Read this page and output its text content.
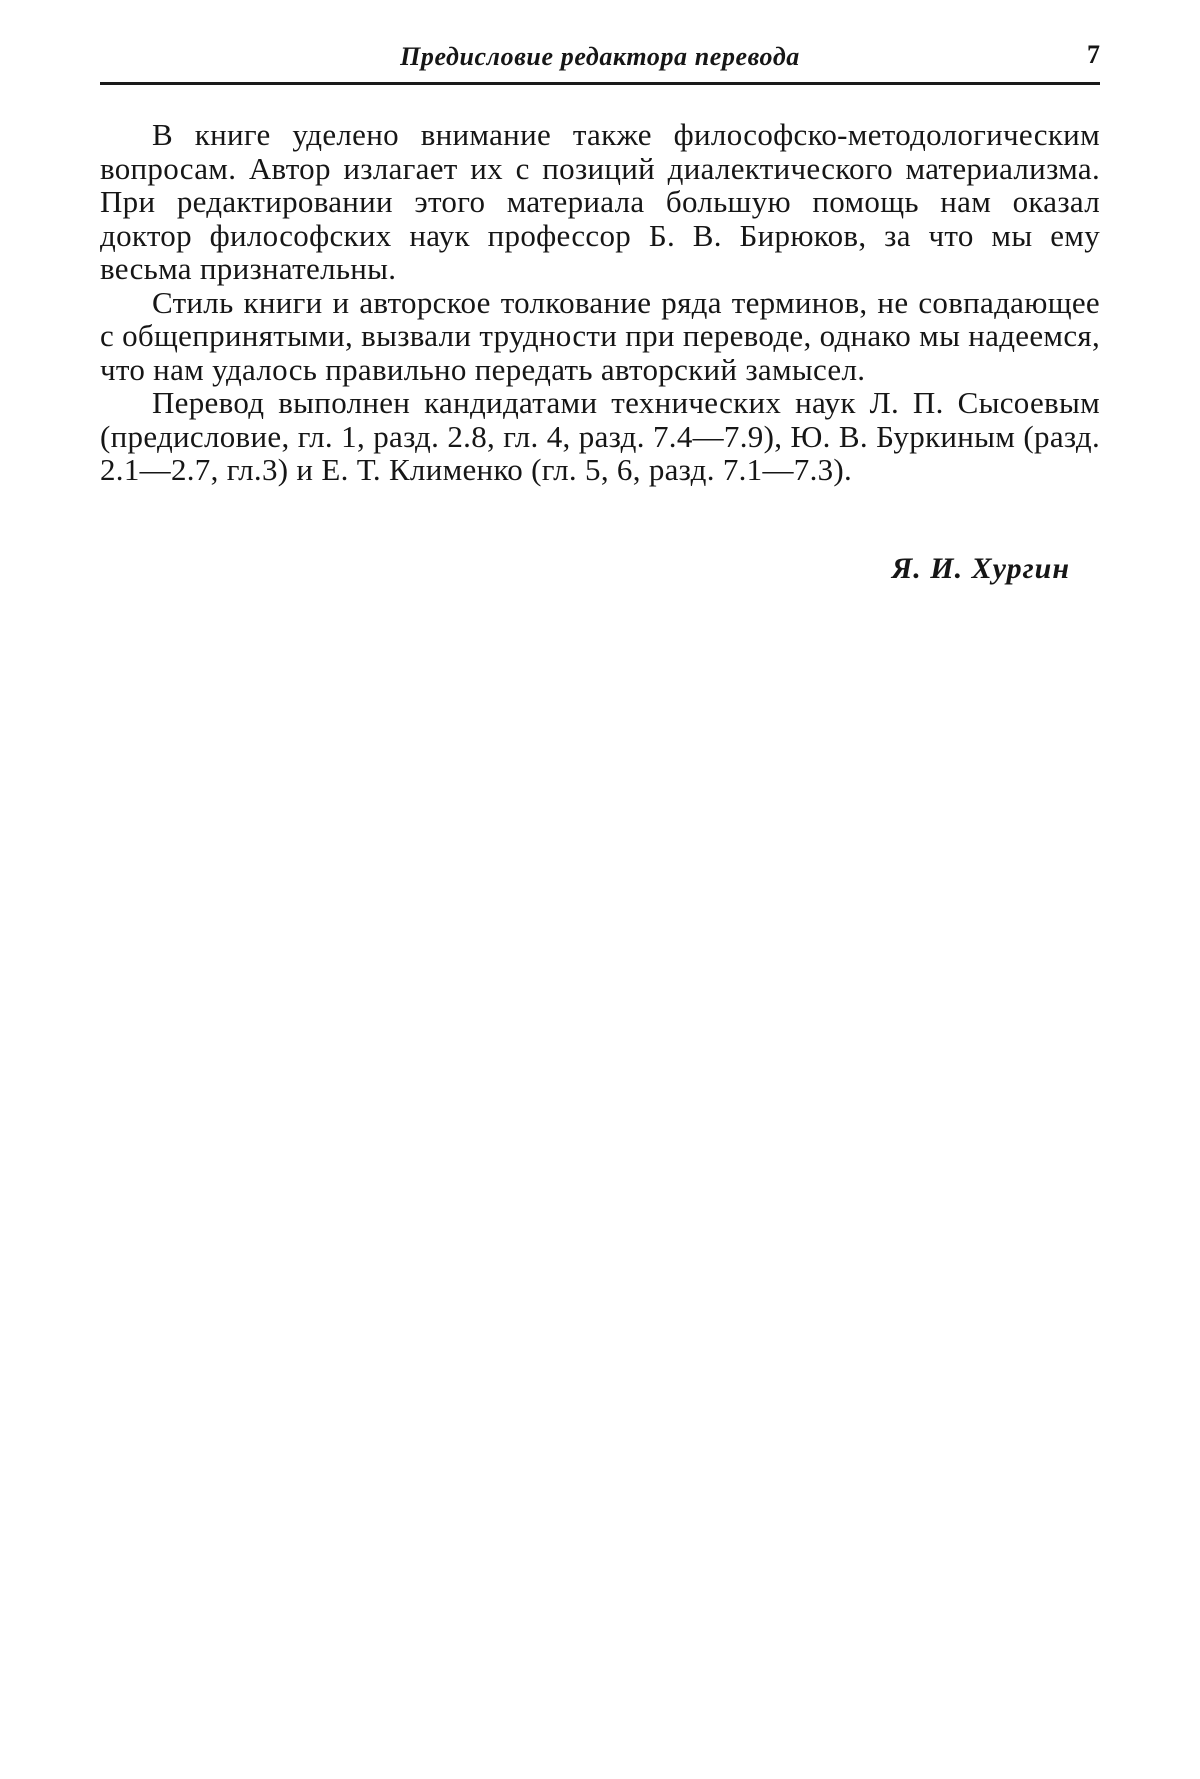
Предисловие редактора перевода	7

В книге уделено внимание также философско-методологическим вопросам. Автор излагает их с позиций диалектического материализма. При редактировании этого материала большую помощь нам оказал доктор философских наук профессор Б. В. Бирюков, за что мы ему весьма признательны.

Стиль книги и авторское толкование ряда терминов, не совпадающее с общепринятыми, вызвали трудности при переводе, однако мы надеемся, что нам удалось правильно передать авторский замысел.

Перевод выполнен кандидатами технических наук Л. П. Сысоевым (предисловие, гл. 1, разд. 2.8, гл. 4, разд. 7.4—7.9), Ю. В. Буркиным (разд. 2.1—2.7, гл.3) и Е. Т. Клименко (гл. 5, 6, разд. 7.1—7.3).

Я. И. Хургин
